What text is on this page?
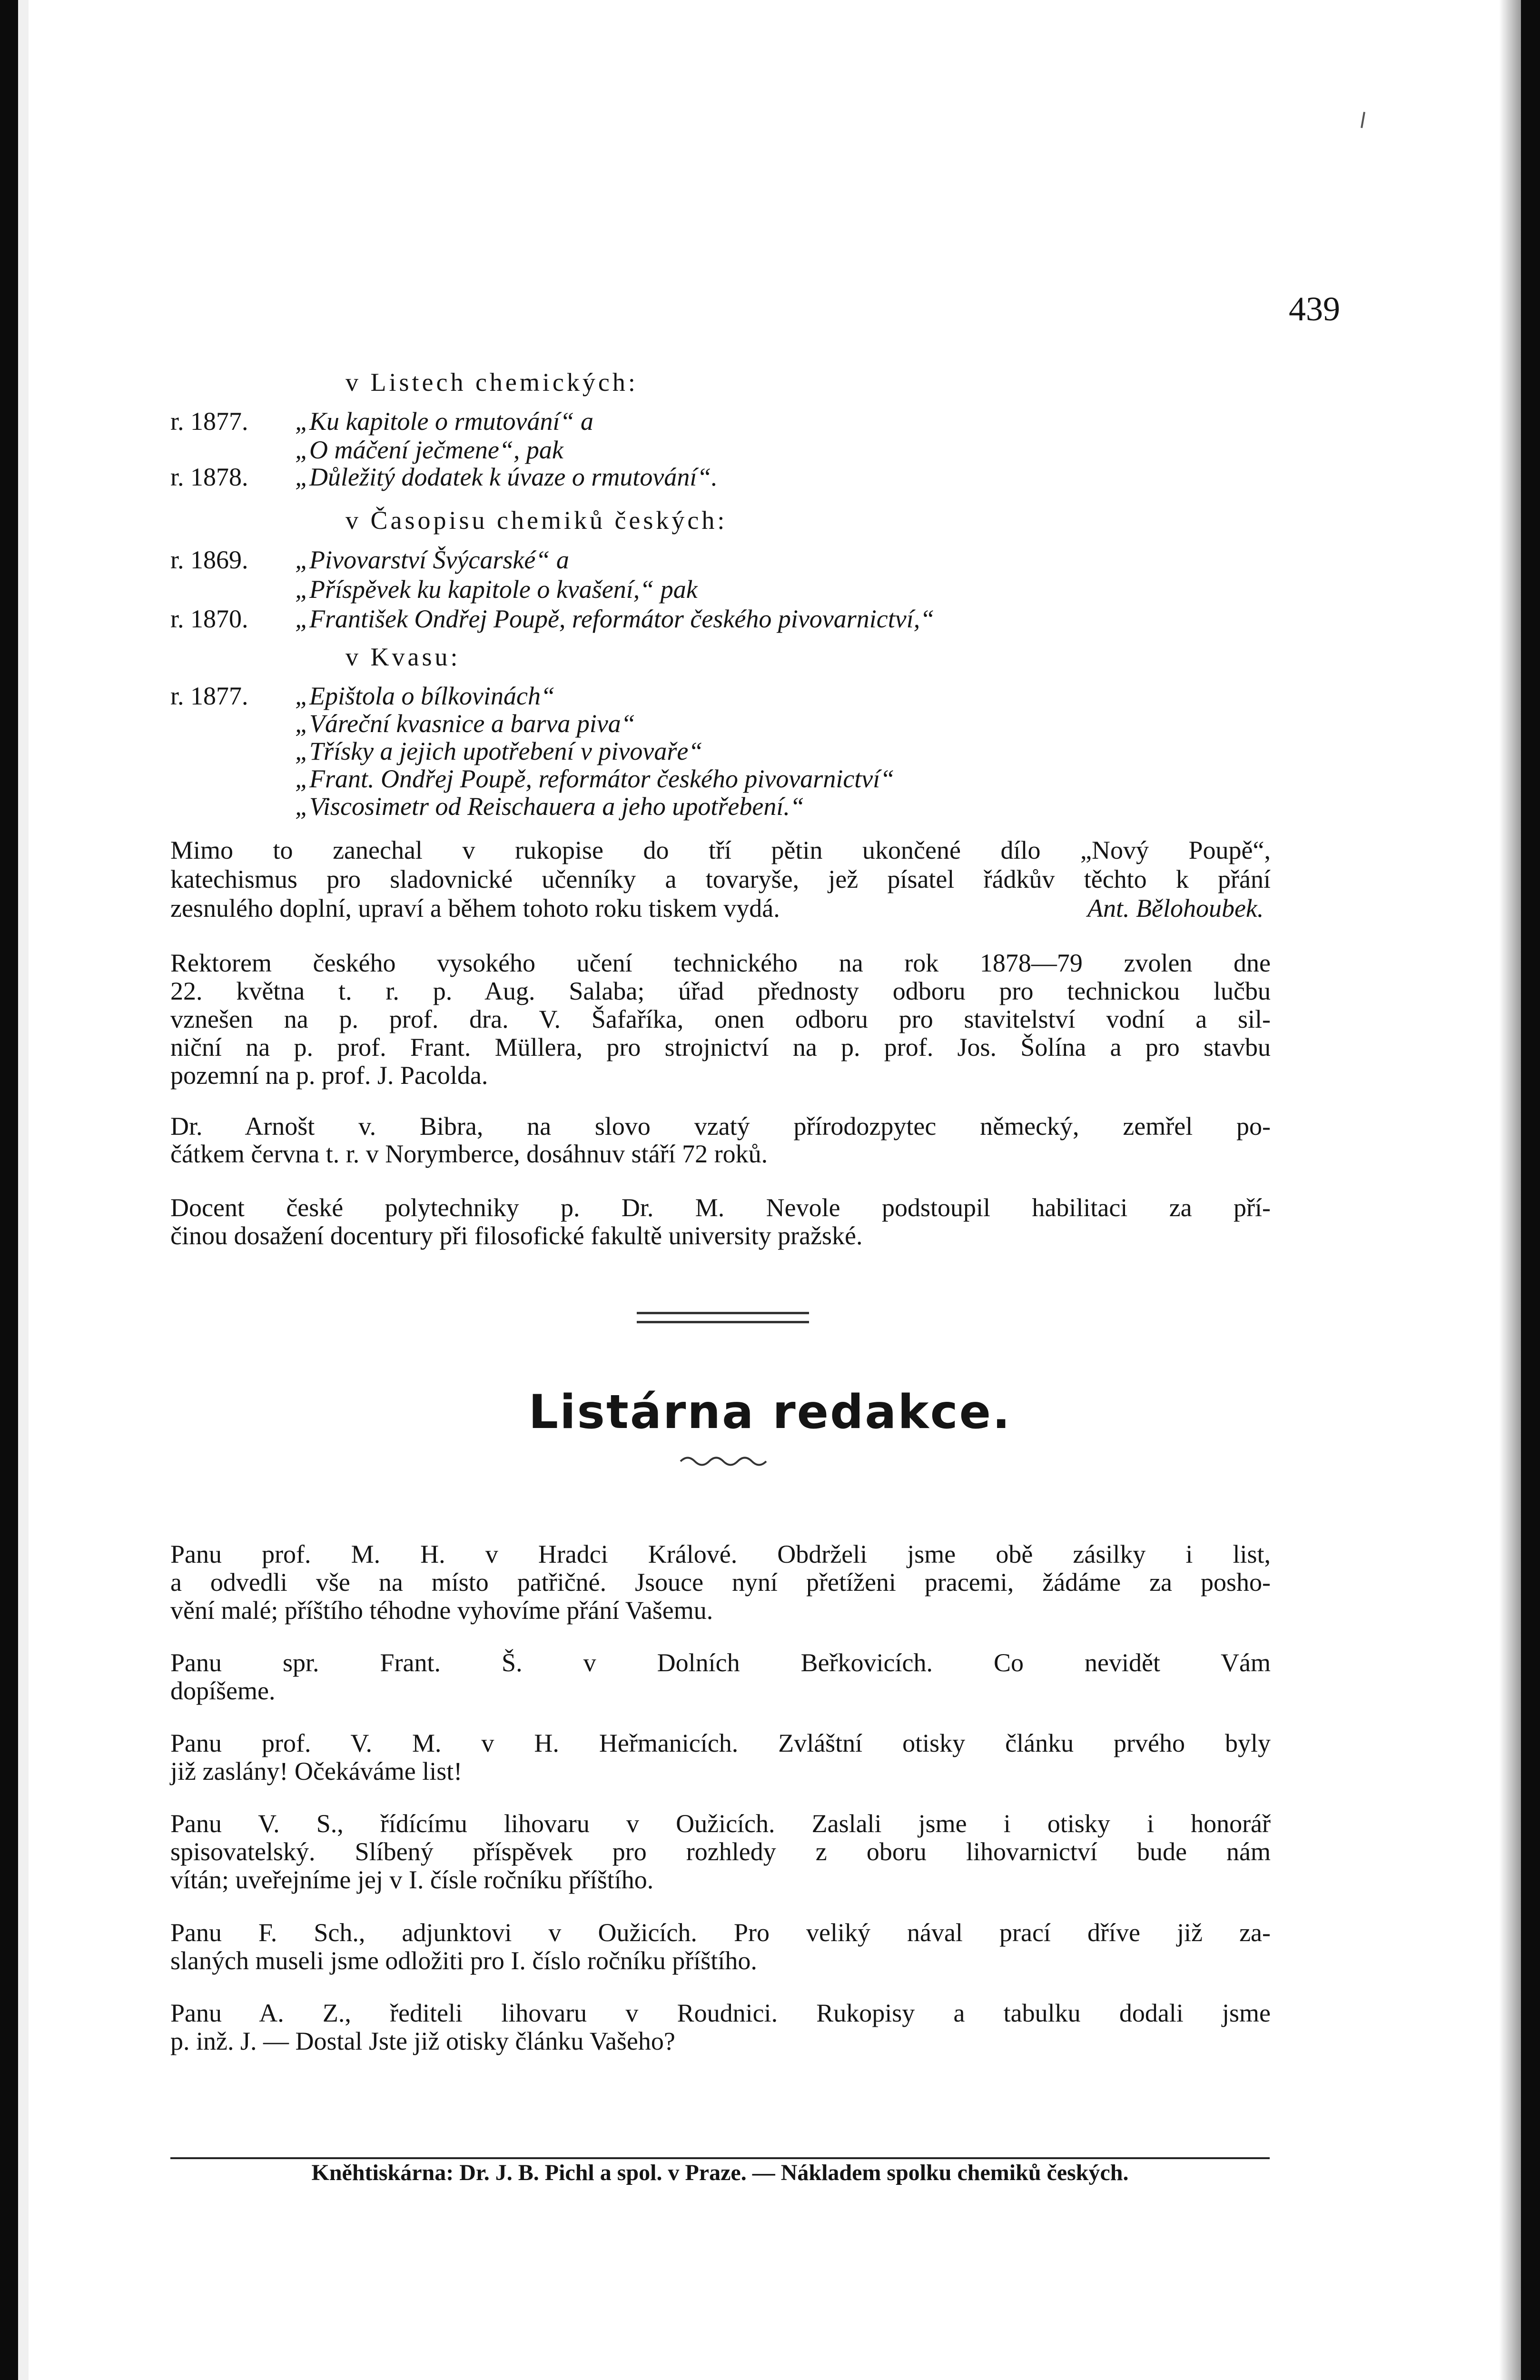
439
v Listech chemických:
r. 1877. „Ku kapitole o rmutování“ a
„O máčení ječmene“, pak
r. 1878. „Důležitý dodatek k úvaze o rmutování“.
v Časopisu chemiků českých:
r. 1869. „Pivovarství Švýcarské“ a
„Příspěvek ku kapitole o kvašení,“ pak
r. 1870. „František Ondřej Poupě, reformátor českého pivovarnictví,“
v Kvasu:
r. 1877. „Epištola o bílkovinách“
„Váreční kvasnice a barva piva“
„Třísky a jejich upotřebení v pivovaře“
„Frant. Ondřej Poupě, reformátor českého pivovarnictví“
„Viscosimetr od Reischauera a jeho upotřebení.“
Mimo to zanechal v rukopise do tří pětin ukončené dílo „Nový Poupě“,
katechismus pro sladovnické učenníky a tovaryše, jež písatel řádkův těchto k přání
zesnulého doplní, upraví a během tohoto roku tiskem vydá.	Ant. Bělohoubek.
Rektorem českého vysokého učení technického na rok 1878—79 zvolen dne
22. května t. r. p. Aug. Salaba; úřad přednosty odboru pro technickou lučbu
vznešen na p. prof. dra. V. Šafaříka, onen odboru pro stavitelství vodní a sil-
niční na p. prof. Frant. Müllera, pro strojnictví na p. prof. Jos. Šolína a pro stavbu
pozemní na p. prof. J. Pacolda.
Dr. Arnošt v. Bibra, na slovo vzatý přírodozpytec německý, zemřel po-
čátkem června t. r. v Norymberce, dosáhnuv stáří 72 roků.
Docent české polytechniky p. Dr. M. Nevole podstoupil habilitaci za pří-
činou dosažení docentury při filosofické fakultě university pražské.
Listárna redakce.
Panu prof. M. H. v Hradci Králové. Obdrželi jsme obě zásilky i list,
a odvedli vše na místo patřičné. Jsouce nyní přetíženi pracemi, žádáme za posho-
vění malé; příštího téhodne vyhovíme přání Vašemu.
Panu spr. Frant. Š. v Dolních Beřkovicích. Co nevidět Vám
dopíšeme.
Panu prof. V. M. v H. Heřmanicích. Zvláštní otisky článku prvého byly
již zaslány! Očekáváme list!
Panu V. S., řídícímu lihovaru v Oužicích. Zaslali jsme i otisky i honorář
spisovatelský. Slíbený příspěvek pro rozhledy z oboru lihovarnictví bude nám
vítán; uveřejníme jej v I. čísle ročníku příštího.
Panu F. Sch., adjunktovi v Oužicích. Pro veliký nával prací dříve již za-
slaných museli jsme odložiti pro I. číslo ročníku příštího.
Panu A. Z., řediteli lihovaru v Roudnici. Rukopisy a tabulku dodali jsme
p. inž. J. — Dostal Jste již otisky článku Vašeho?
Kněhtiskárna: Dr. J. B. Pichl a spol. v Praze. — Nákladem spolku chemiků českých.
